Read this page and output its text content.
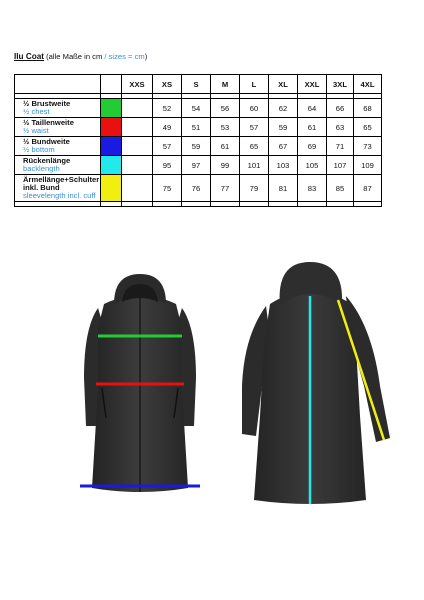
Ilu Coat (alle Maße in cm / sizes = cm)
		XXS	XS	S	M	L	XL	XXL	3XL	4XL

½ Brustweite
½ chest			52	54	56	60	62	64	66	68

½ Taillenweite
½ waist			49	51	53	57	59	61	63	65

½ Bundweite
½ bottom			57	59	61	65	67	69	71	73

Rückenlänge
backlength			95	97	99	101	103	105	107	109

Ärmellänge+Schulter inkl. Bund
sleevelength incl. cuff			75	76	77	79	81	83	85	87
